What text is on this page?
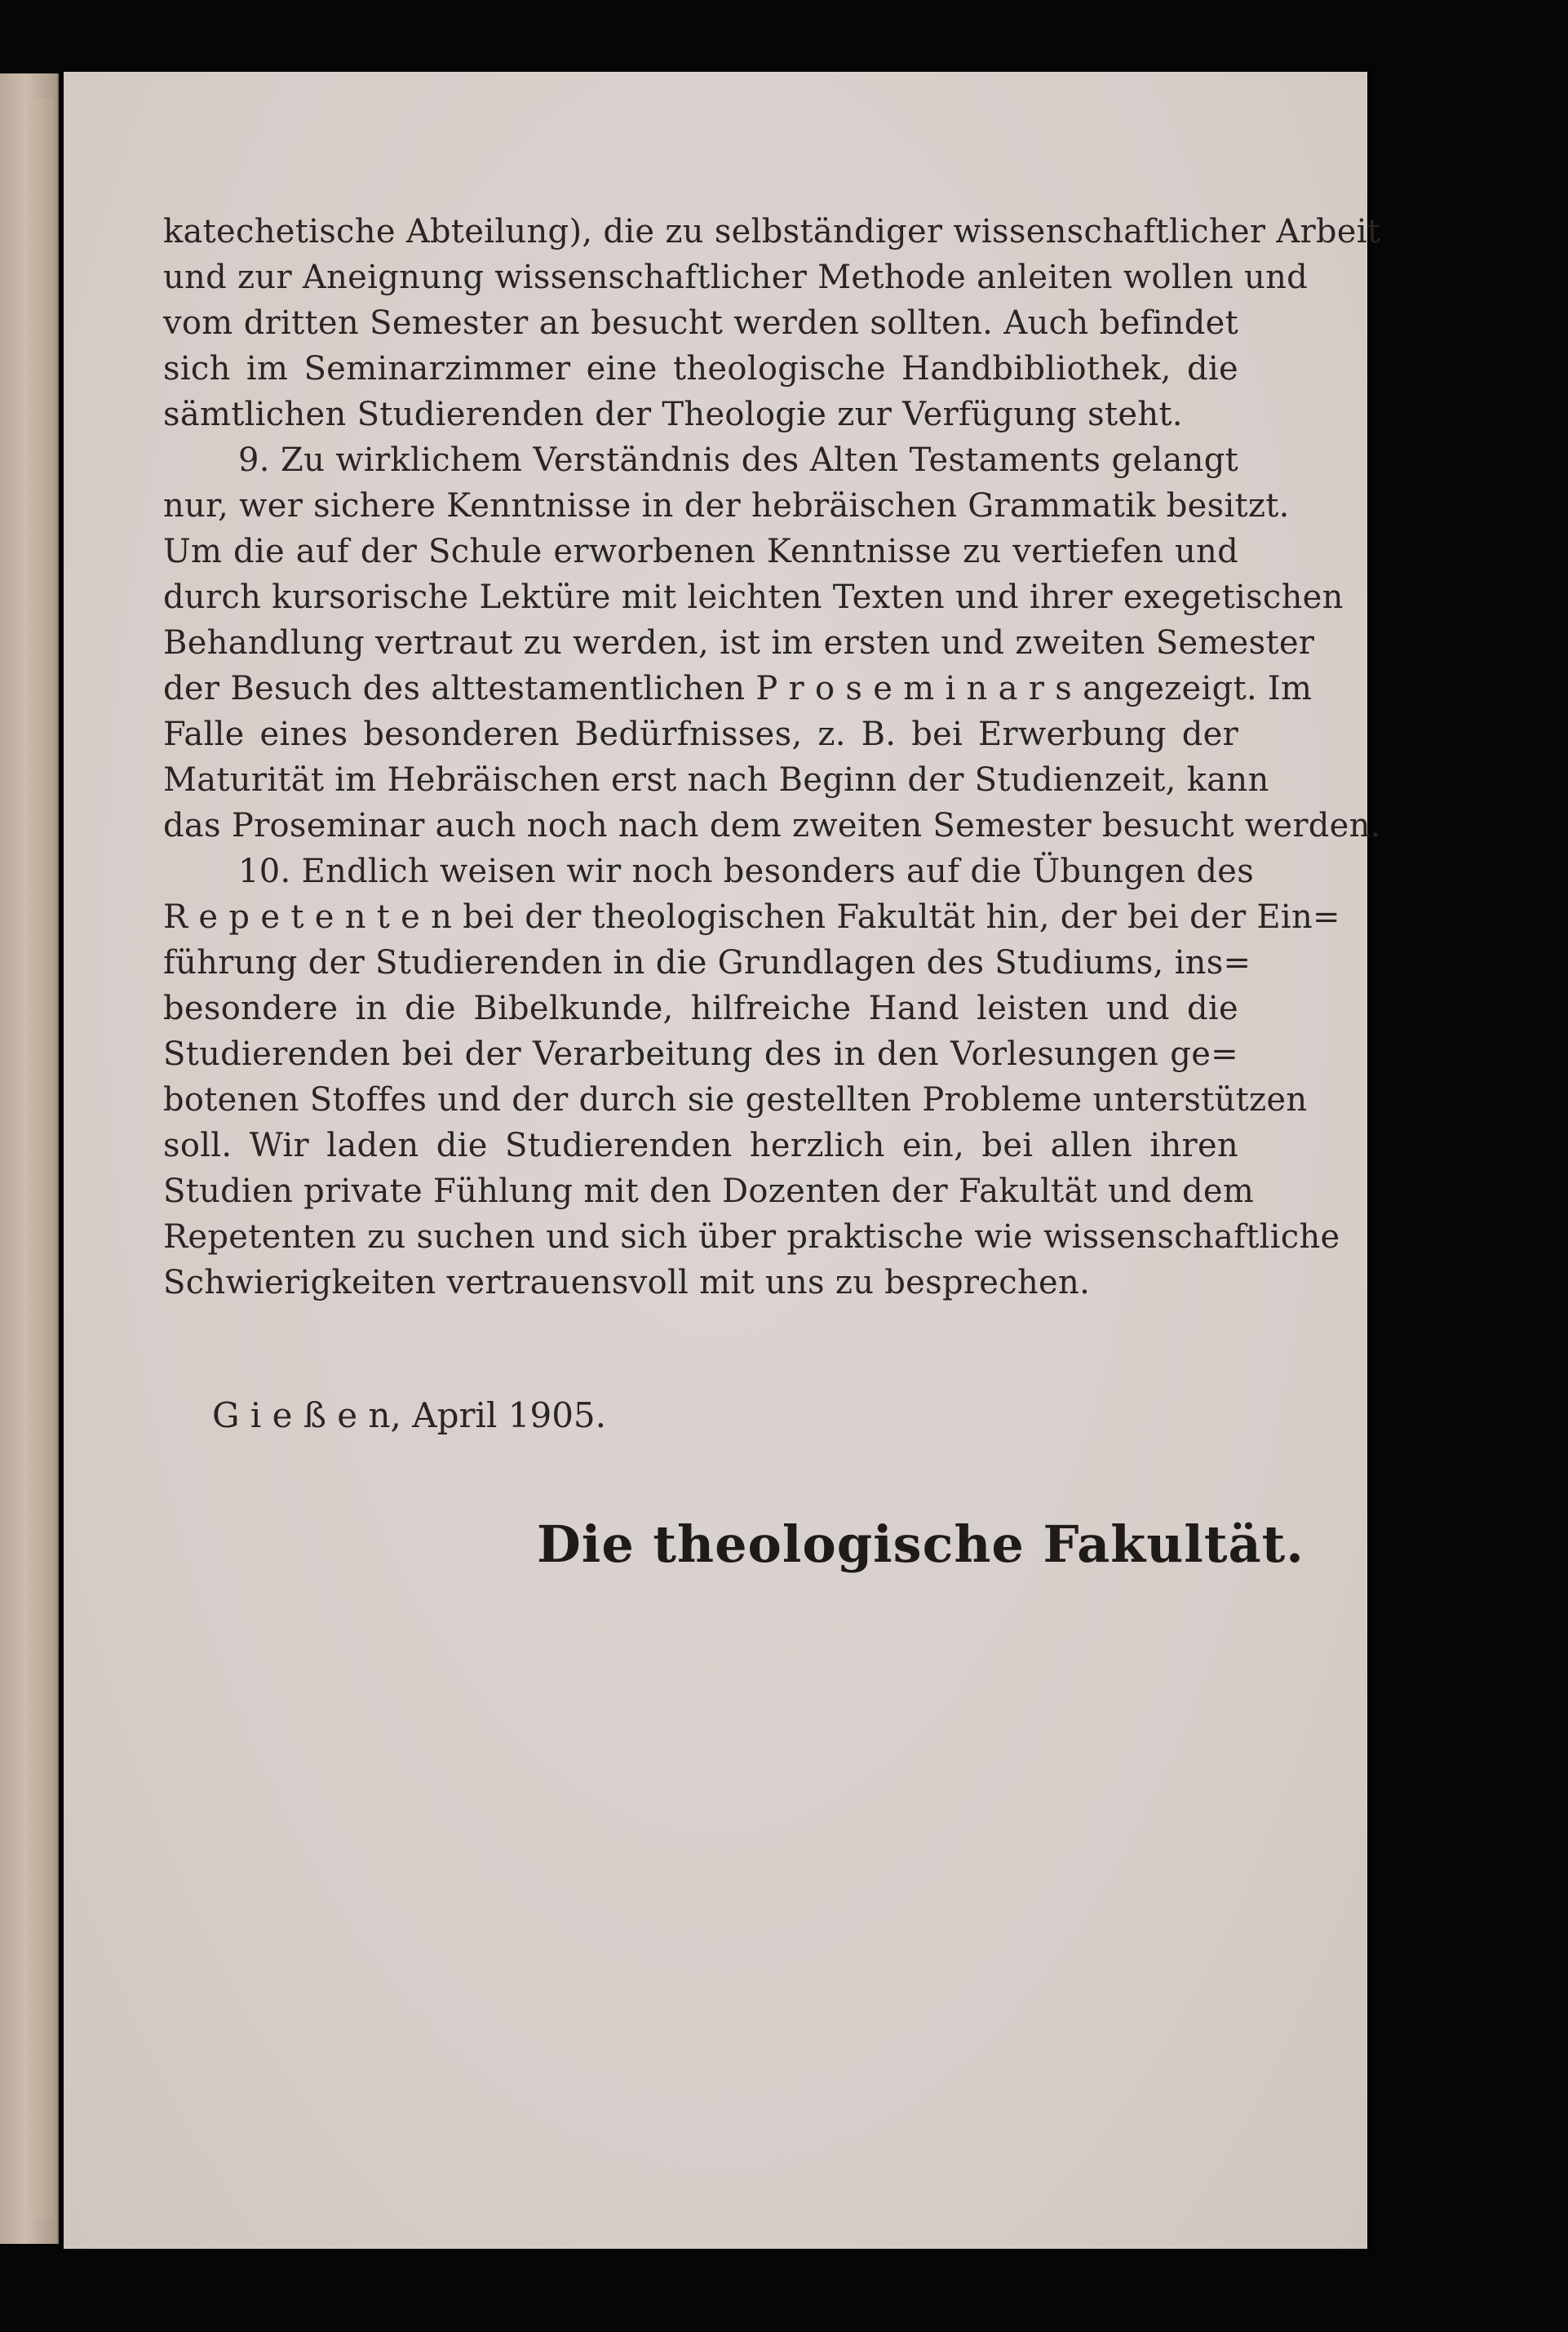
katechetische Abteilung), die zu selbständiger wissenschaftlicher Arbeit
und zur Aneignung wissenschaftlicher Methode anleiten wollen und
vom dritten Semester an besucht werden sollten. Auch befindet
sich im Seminarzimmer eine theologische Handbibliothek, die
sämtlichen Studierenden der Theologie zur Verfügung steht.
9. Zu wirklichem Verständnis des Alten Testaments gelangt
nur, wer sichere Kenntnisse in der hebräischen Grammatik besitzt.
Um die auf der Schule erworbenen Kenntnisse zu vertiefen und
durch kursorische Lektüre mit leichten Texten und ihrer exegetischen
Behandlung vertraut zu werden, ist im ersten und zweiten Semester
der Besuch des alttestamentlichen P r o s e m i n a r s angezeigt. Im
Falle eines besonderen Bedürfnisses, z. B. bei Erwerbung der
Maturität im Hebräischen erst nach Beginn der Studienzeit, kann
das Proseminar auch noch nach dem zweiten Semester besucht werden.
10. Endlich weisen wir noch besonders auf die Übungen des
R e p e t e n t e n bei der theologischen Fakultät hin, der bei der Ein=
führung der Studierenden in die Grundlagen des Studiums, ins=
besondere in die Bibelkunde, hilfreiche Hand leisten und die
Studierenden bei der Verarbeitung des in den Vorlesungen ge=
botenen Stoffes und der durch sie gestellten Probleme unterstützen
soll. Wir laden die Studierenden herzlich ein, bei allen ihren
Studien private Fühlung mit den Dozenten der Fakultät und dem
Repetenten zu suchen und sich über praktische wie wissenschaftliche
Schwierigkeiten vertrauensvoll mit uns zu besprechen.
G i e ß e n, April 1905.
Die theologische Fakultät.
